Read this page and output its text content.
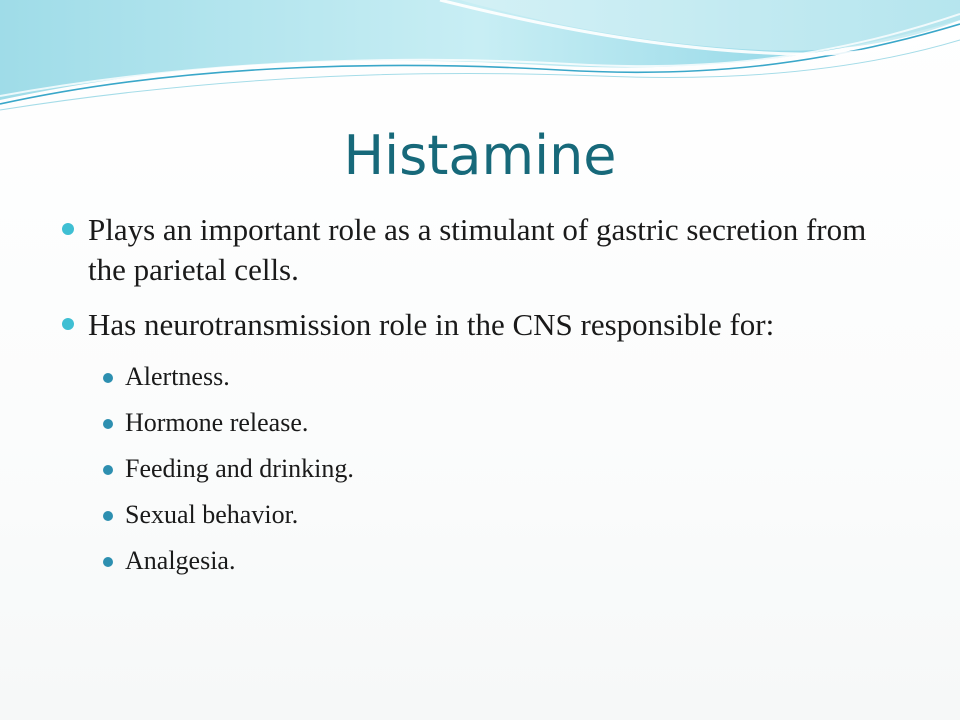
Histamine
Plays an important role as a stimulant of gastric secretion from the parietal cells.
Has neurotransmission role in the CNS responsible for:
Alertness.
Hormone release.
Feeding and drinking.
Sexual behavior.
Analgesia.
